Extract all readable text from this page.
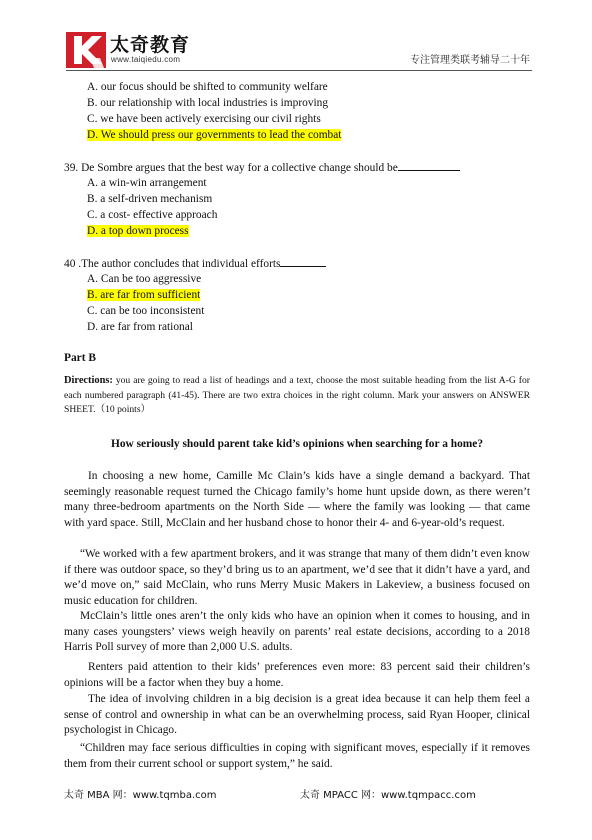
太奇教育
www.taiqiedu.com	专注管理类联考辅导二十年
A. our focus should be shifted to community welfare
B. our relationship with local industries is improving
C. we have been actively exercising our civil rights
D. We should press our governments to lead the combat
39. De Sombre argues that the best way for a collective change should be
A. a win-win arrangement
B. a self-driven mechanism
C. a cost- effective approach
D. a top down process
40 .The author concludes that individual efforts
A. Can be too aggressive
B. are far from sufficient
C. can be too inconsistent
D. are far from rational
Part B
Directions: you are going to read a list of headings and a text, choose the most suitable heading from the list A-G for each numbered paragraph (41-45). There are two extra choices in the right column. Mark your answers on ANSWER SHEET.（10 points）
How seriously should parent take kid’s opinions when searching for a home?

In choosing a new home, Camille Mc Clain’s kids have a single demand a backyard. That seemingly reasonable request turned the Chicago family’s home hunt upside down, as there weren’t many three-bedroom apartments on the North Side — where the family was looking — that came with yard space. Still, McClain and her husband chose to honor their 4- and 6-year-old’s request.

“We worked with a few apartment brokers, and it was strange that many of them didn’t even know if there was outdoor space, so they’d bring us to an apartment, we’d see that it didn’t have a yard, and we’d move on,” said McClain, who runs Merry Music Makers in Lakeview, a business focused on music education for children.

McClain’s little ones aren’t the only kids who have an opinion when it comes to housing, and in many cases youngsters’ views weigh heavily on parents’ real estate decisions, according to a 2018 Harris Poll survey of more than 2,000 U.S. adults.

Renters paid attention to their kids’ preferences even more: 83 percent said their children’s opinions will be a factor when they buy a home.

The idea of involving children in a big decision is a great idea because it can help them feel a sense of control and ownership in what can be an overwhelming process, said Ryan Hooper, clinical psychologist in Chicago.

“Children may face serious difficulties in coping with significant moves, especially if it removes them from their current school or support system,” he said.

太奇 MBA 网：www.tqmba.com	太奇 MPACC 网：www.tqmpacc.com
